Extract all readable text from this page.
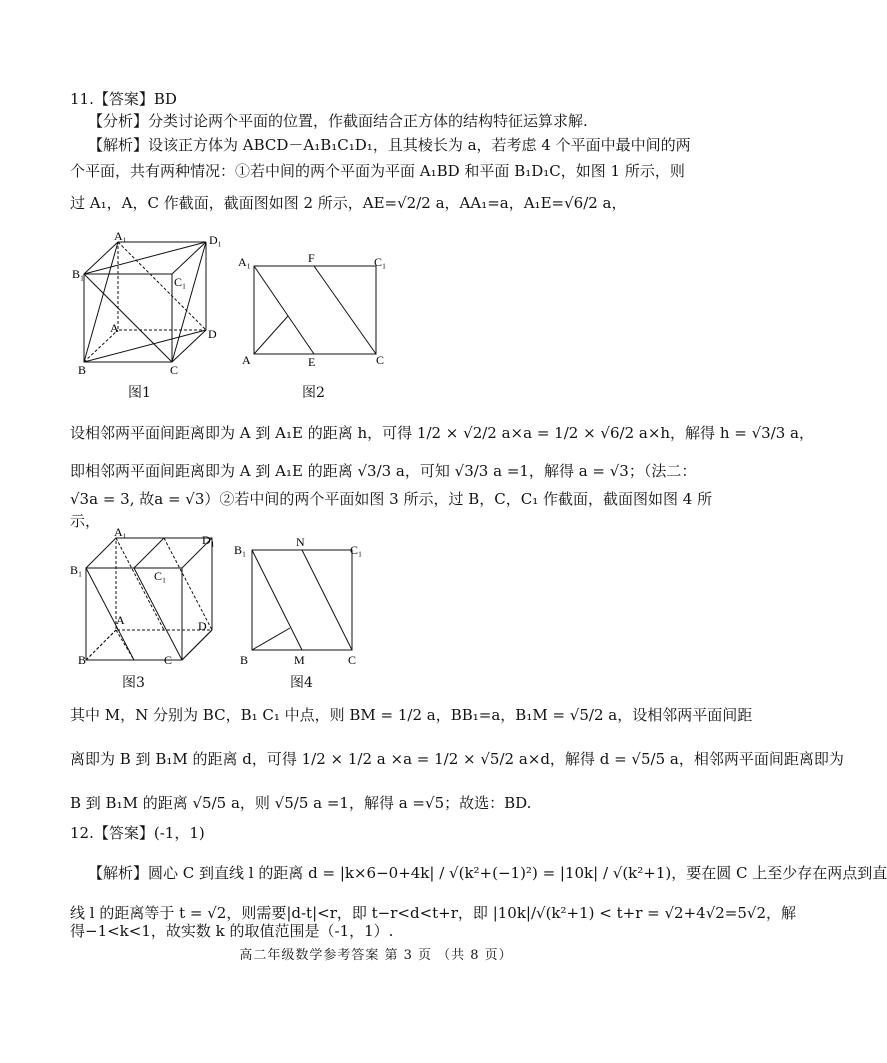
11.【答案】BD
【分析】分类讨论两个平面的位置，作截面结合正方体的结构特征运算求解.
【解析】设该正方体为 ABCD－A₁B₁C₁D₁，且其棱长为 a，若考虑 4 个平面中最中间的两
个平面，共有两种情况：①若中间的两个平面为平面 A₁BD 和平面 B₁D₁C，如图 1 所示，则
过 A₁，A，C 作截面，截面图如图 2 所示，AE=√2/2 a，AA₁=a，A₁E=√6/2 a，
A₁	D₁
B₁
C₁
A	D
B	C
图1
A₁	F	C₁
A	E	C
图2
设相邻两平面间距离即为 A 到 A₁E 的距离 h，可得 1/2 × √2/2 a×a = 1/2 × √6/2 a×h，解得 h = √3/3 a，
即相邻两平面间距离即为 A 到 A₁E 的距离 √3/3 a，可知 √3/3 a =1，解得 a = √3；（法二：
√3a = 3, 故a = √3）②若中间的两个平面如图 3 所示，过 B，C，C₁ 作截面，截面图如图 4 所
示，
A₁
D₁
B₁	C₁
A	D
B	C
图3
B₁
N
C₁
B	M	C
图4
其中 M，N 分别为 BC，B₁ C₁ 中点，则 BM = 1/2 a，BB₁=a，B₁M = √5/2 a，设相邻两平面间距
离即为 B 到 B₁M 的距离 d，可得 1/2 × 1/2 a ×a = 1/2 × √5/2 a×d，解得 d = √5/5 a，相邻两平面间距离即为
B 到 B₁M 的距离 √5/5 a，则 √5/5 a =1，解得 a =√5；故选：BD.
12.【答案】(-1，1)
【解析】圆心 C 到直线 l 的距离 d = |k×6−0+4k| / √(k²+(−1)²) = |10k| / √(k²+1)，要在圆 C 上至少存在两点到直
线 l 的距离等于 t = √2，则需要|d-t|<r，即 t−r<d<t+r，即 |10k|/√(k²+1) < t+r = √2+4√2=5√2，解
得−1<k<1，故实数 k 的取值范围是（-1，1）.
高二年级数学参考答案 第 3 页 （共 8 页）
